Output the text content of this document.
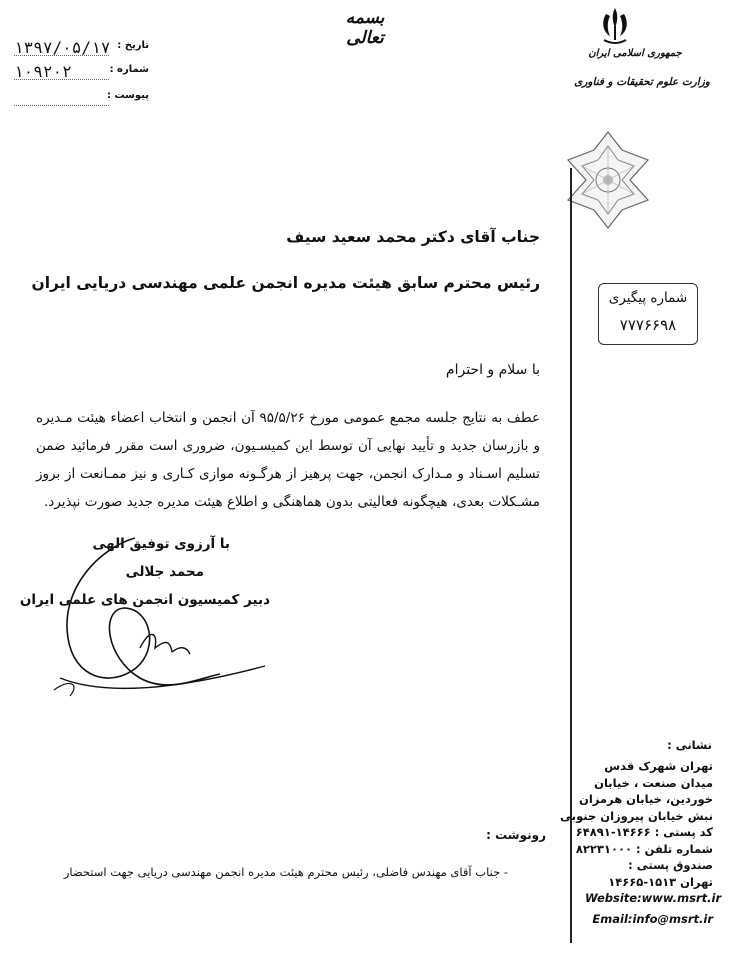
۱۳۹۷/۰۵/۱۷ تاریخ :
۱۰۹۲۰۲	شماره :
پیوست :
بسمه تعالی
جمهوری اسلامی ایران
وزارت علوم تحقیقات و فناوری
شماره پیگیری
۷۷۷۶۶۹۸
جناب آقای دکتر محمد سعید سیف
رئیس محترم سابق هیئت مدیره انجمن علمی مهندسی دریایی ایران
با سلام و احترام
عطف به نتایج جلسه مجمع عمومی مورخ ۹۵/۵/۲۶ آن انجمن و انتخاب اعضاء هیئت مـدیره و بازرسان جدید و تأیید نهایی آن توسط این کمیسـیون، ضروری است مقرر فرمائید ضمن تسلیم اسـناد و مـدارک انجمن، جهت پرهیز از هرگـونه موازی کـاری و نیز ممـانعت از بروز مشـکلات بعدی، هیچگونه فعالیتی بدون هماهنگی و اطلاع هیئت مدیره جدید صورت نپذیرد.
با آرزوی توفیق الهی
محمد جلالی
دبیر کمیسیون انجمن های علمی ایران
رونوشت :
- جناب آقای مهندس فاضلی، رئیس محترم هیئت مدیره انجمن مهندسی دریایی جهت استحضار
نشانی :
تهران شهرک قدس
میدان صنعت ، خیابان
خوردین، خیابان هرمزان
نبش خیابان پیروزان جنوبی
کد پستی : ۱۴۶۶۶-۶۴۸۹۱
شماره تلفن : ۸۲۲۳۱۰۰۰
صندوق پستی :
تهران ۱۵۱۳-۱۴۶۶۵
Website:www.msrt.ir
Email:info@msrt.ir
